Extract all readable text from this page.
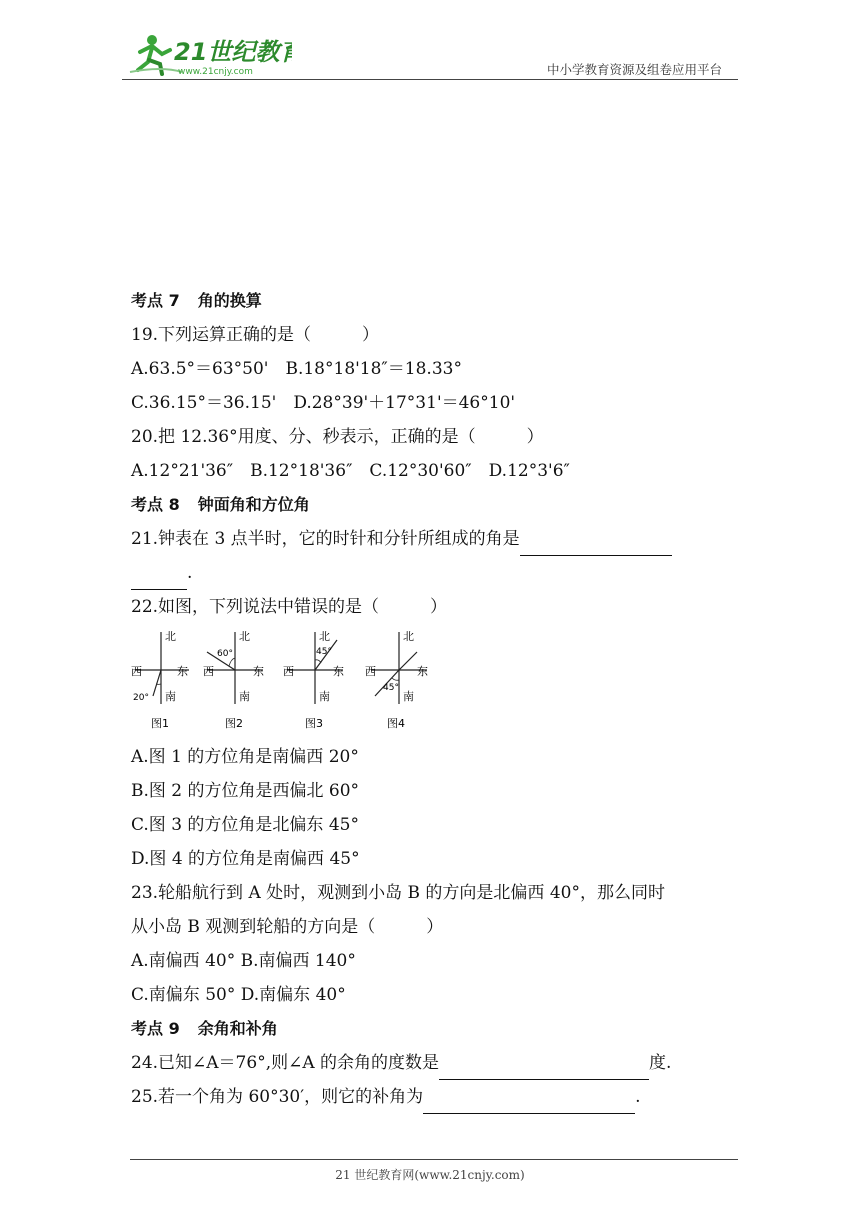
21世纪教育
www.21cnjy.com	中小学教育资源及组卷应用平台
考点 7 角的换算
19.下列运算正确的是（　　　）
A.63.5°＝63°50'　B.18°18'18″＝18.33°
C.36.15°＝36.15'　D.28°39'＋17°31'＝46°10'
20.把 12.36°用度、分、秒表示，正确的是（　　　）
A.12°21'36″　B.12°18'36″　C.12°30'60″　D.12°3'6″
考点 8 钟面角和方位角
21.钟表在 3 点半时，它的时针和分针所组成的角是
.
22.如图，下列说法中错误的是（　　　）
北
西	东
南
20°
图1
北
西	东
南
60°
图2
北
西	东
南
45°
图3
北
西	东
南
45°
图4
A.图 1 的方位角是南偏西 20°
B.图 2 的方位角是西偏北 60°
C.图 3 的方位角是北偏东 45°
D.图 4 的方位角是南偏西 45°
23.轮船航行到 A 处时，观测到小岛 B 的方向是北偏西 40°，那么同时
从小岛 B 观测到轮船的方向是（　　　）
A.南偏西 40° B.南偏西 140°
C.南偏东 50° D.南偏东 40°
考点 9 余角和补角
24.已知∠A＝76°,则∠A 的余角的度数是	度.
25.若一个角为 60°30′，则它的补角为	.
21 世纪教育网(www.21cnjy.com)
